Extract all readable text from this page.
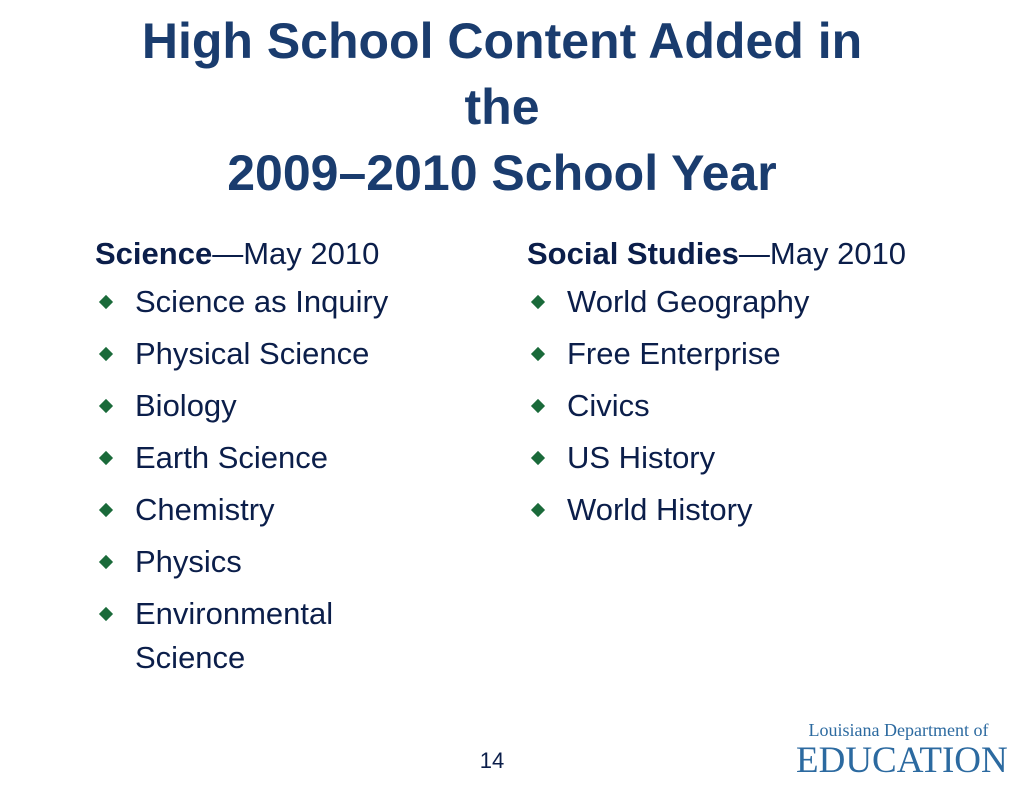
High School Content Added in
the
2009–2010 School Year
Science—May 2010
Science as Inquiry
Physical Science
Biology
Earth Science
Chemistry
Physics
Environmental Science
Social Studies—May 2010
World Geography
Free Enterprise
Civics
US History
World History
14
Louisiana Department of
EDUCATION
